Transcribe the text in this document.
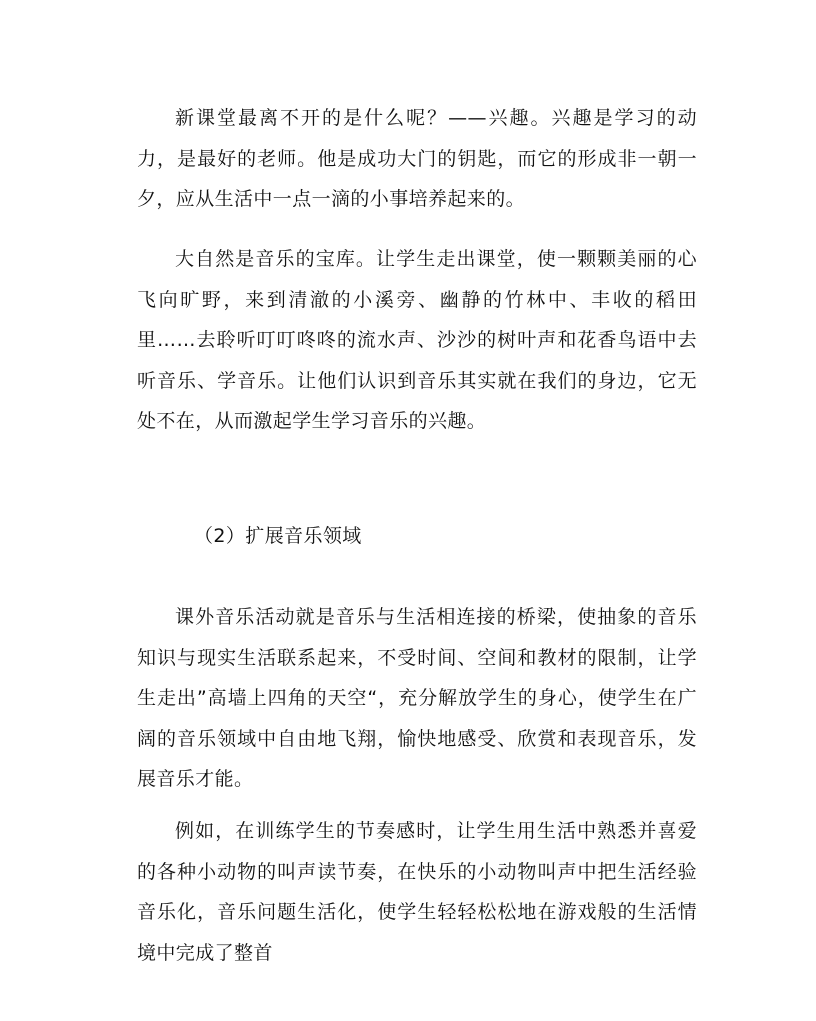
新课堂最离不开的是什么呢？——兴趣。兴趣是学习的动力，是最好的老师。他是成功大门的钥匙，而它的形成非一朝一夕，应从生活中一点一滴的小事培养起来的。

大自然是音乐的宝库。让学生走出课堂，使一颗颗美丽的心飞向旷野，来到清澈的小溪旁、幽静的竹林中、丰收的稻田里……去聆听叮叮咚咚的流水声、沙沙的树叶声和花香鸟语中去听音乐、学音乐。让他们认识到音乐其实就在我们的身边，它无处不在，从而激起学生学习音乐的兴趣。

（2）扩展音乐领域

课外音乐活动就是音乐与生活相连接的桥梁，使抽象的音乐知识与现实生活联系起来，不受时间、空间和教材的限制，让学生走出”高墙上四角的天空“，充分解放学生的身心，使学生在广阔的音乐领域中自由地飞翔，愉快地感受、欣赏和表现音乐，发展音乐才能。

例如，在训练学生的节奏感时，让学生用生活中熟悉并喜爱的各种小动物的叫声读节奏，在快乐的小动物叫声中把生活经验音乐化，音乐问题生活化，使学生轻轻松松地在游戏般的生活情境中完成了整首
